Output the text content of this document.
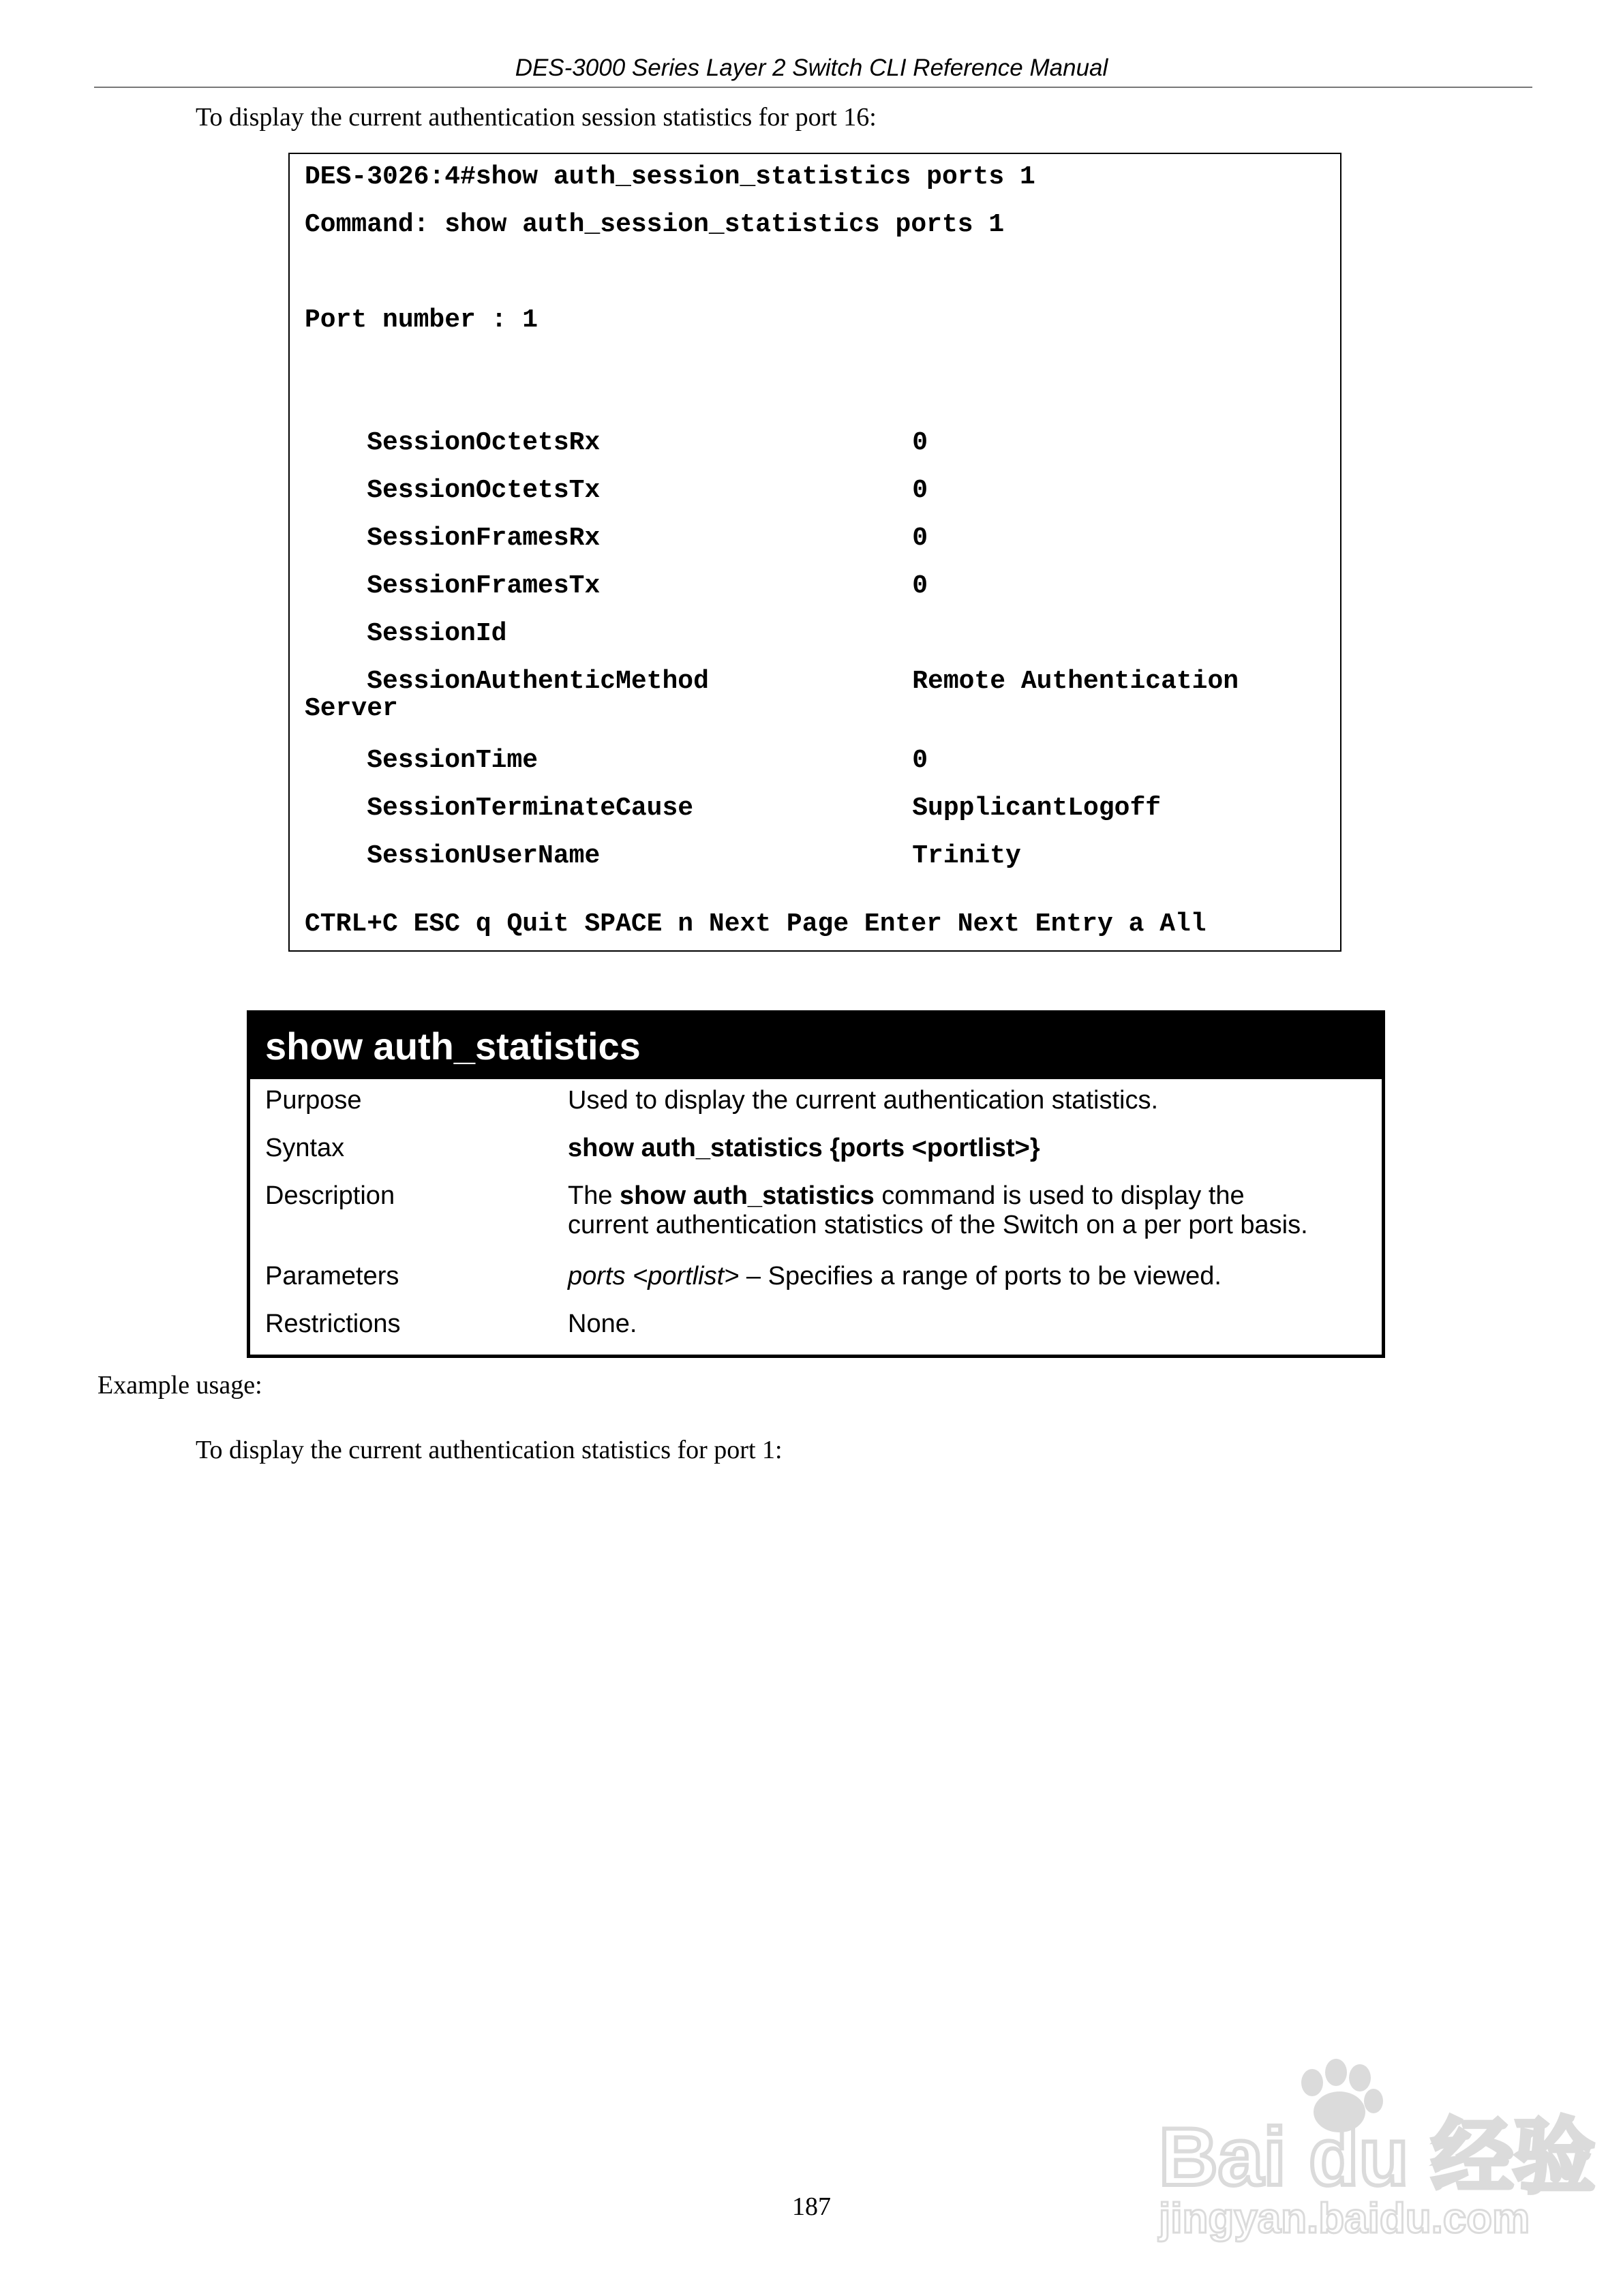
DES-3000 Series Layer 2 Switch CLI Reference Manual
To display the current authentication session statistics for port 16:
DES-3026:4#show auth_session_statistics ports 1
Command: show auth_session_statistics ports 1
Port number : 1

SessionOctetsRx	0

SessionOctetsTx	0

SessionFramesRx	0

SessionFramesTx	0

SessionId

SessionAuthenticMethod	Remote Authentication
Server

SessionTime	0

SessionTerminateCause	SupplicantLogoff

SessionUserName	Trinity

CTRL+C ESC q Quit SPACE n Next Page Enter Next Entry a All
show auth_statistics
Purpose	Used to display the current authentication statistics.
Syntax	show auth_statistics {ports <portlist>}
Description	The show auth_statistics command is used to display the
current authentication statistics of the Switch on a per port basis.
Parameters	ports <portlist> – Specifies a range of ports to be viewed.
Restrictions	None.
Example usage:
To display the current authentication statistics for port 1:
187
Bai du 经验
jingyan.baidu.com
